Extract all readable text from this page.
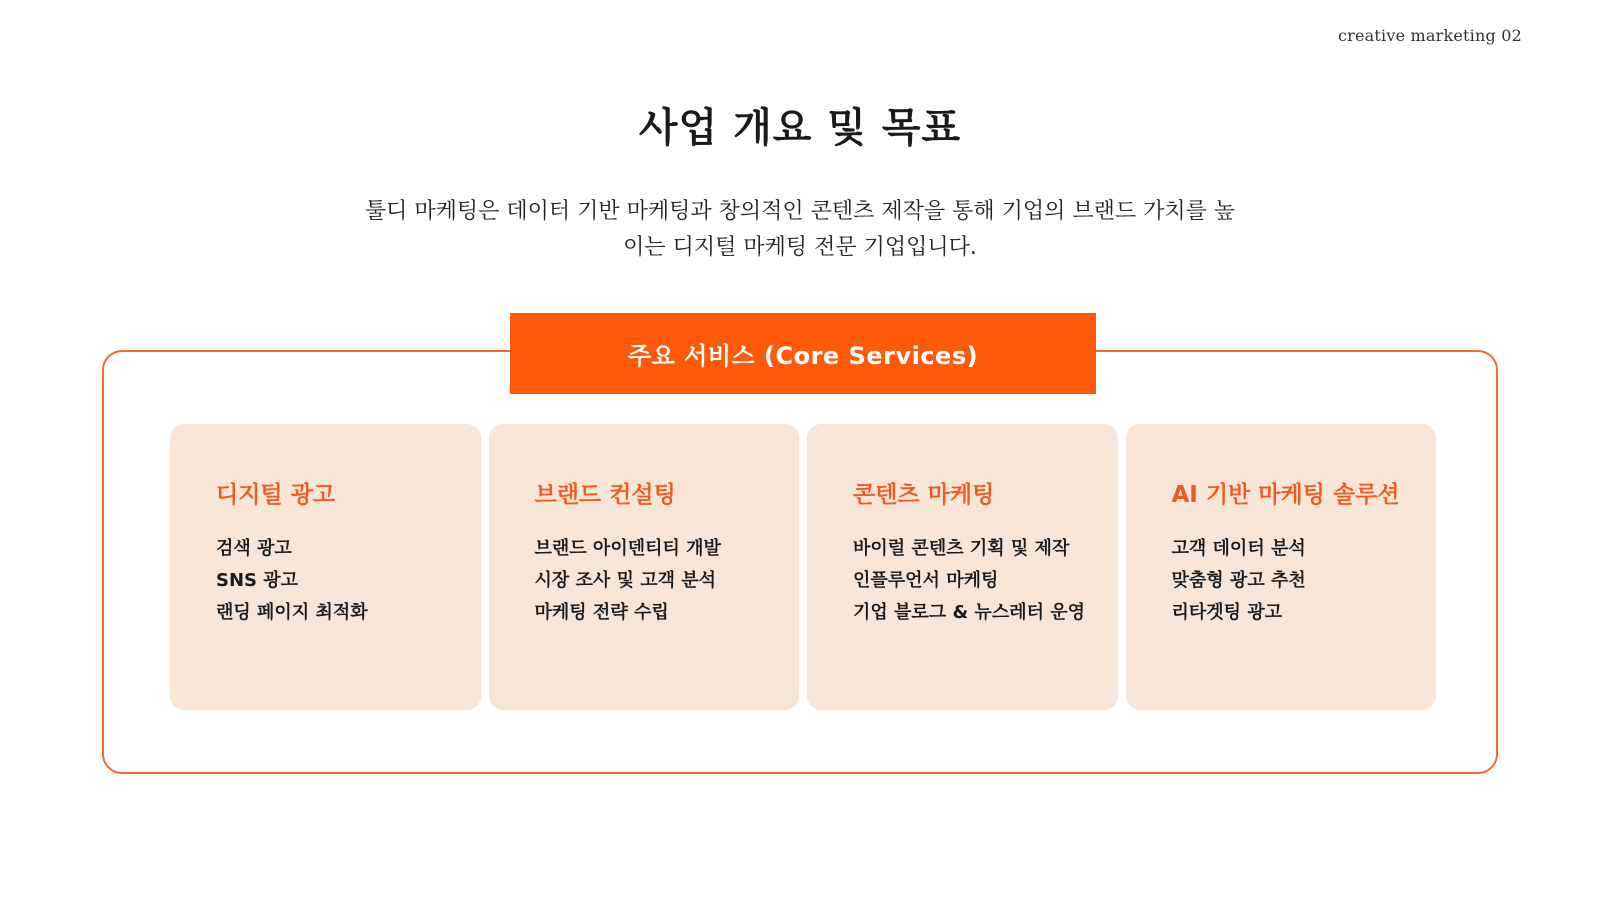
creative marketing 02
사업 개요 및 목표
툴디 마케팅은 데이터 기반 마케팅과 창의적인 콘텐츠 제작을 통해 기업의 브랜드 가치를 높
이는 디지털 마케팅 전문 기업입니다.
주요 서비스 (Core Services)
디지털 광고
검색 광고
SNS 광고
랜딩 페이지 최적화
브랜드 컨설팅
브랜드 아이덴티티 개발
시장 조사 및 고객 분석
마케팅 전략 수립
콘텐츠 마케팅
바이럴 콘텐츠 기획 및 제작
인플루언서 마케팅
기업 블로그 & 뉴스레터 운영
AI 기반 마케팅 솔루션
고객 데이터 분석
맞춤형 광고 추천
리타겟팅 광고
